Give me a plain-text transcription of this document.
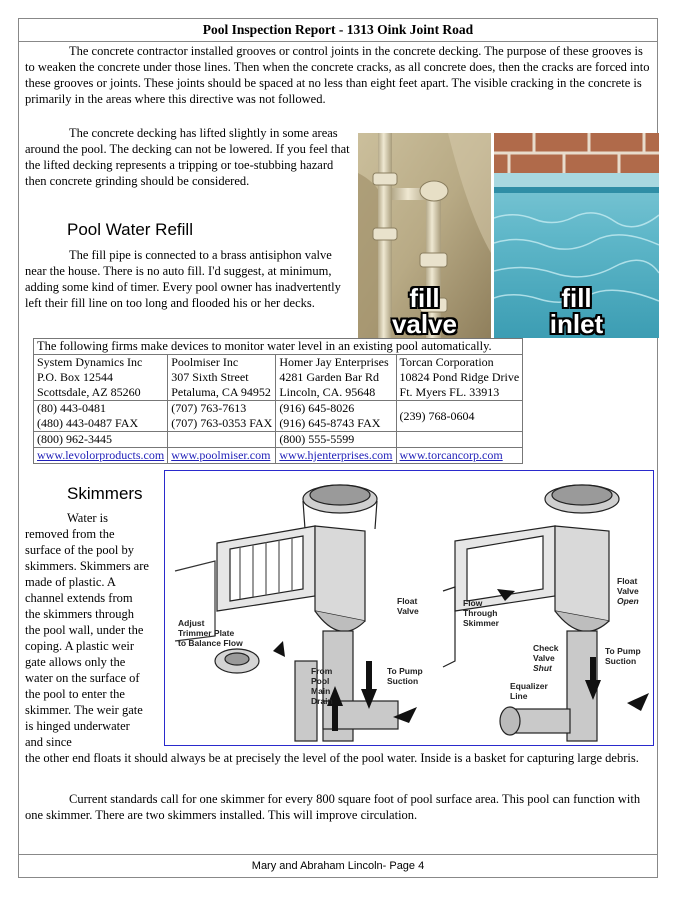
Pool Inspection Report - 1313 Oink Joint Road
The concrete contractor installed grooves or control joints in the concrete decking. The purpose of these grooves is to weaken the concrete under those lines. Then when the concrete cracks, as all concrete does, then the cracks are forced into these grooves or joints. These joints should be spaced at no less than eight feet apart. The visible cracking in the concrete is primarily in the areas where this directive was not followed.
The concrete decking has lifted slightly in some areas around the pool. The decking can not be lowered. If you feel that the lifted decking represents a tripping or toe-stubbing hazard then concrete grinding should be considered.
Pool Water Refill
The fill pipe is connected to a brass antisiphon valve near the house. There is no auto fill. I'd suggest, at minimum, adding some kind of timer. Every pool owner has inadvertently left their fill line on too long and flooded his or her decks.	fill
valve
fill
inlet
The following firms make devices to monitor water level in an existing pool automatically.			
System Dynamics Inc
P.O. Box 12544
Scottsdale, AZ 85260	Poolmiser Inc
307 Sixth Street
Petaluma, CA 94952	Homer Jay Enterprises
4281 Garden Bar Rd
Lincoln, CA. 95648	Torcan Corporation
10824 Pond Ridge Drive
Ft. Myers FL. 33913
(80) 443-0481
(480) 443-0487 FAX	(707) 763-7613
(707) 763-0353 FAX	(916) 645-8026
(916) 645-8743 FAX	(239) 768-0604
(800) 962-3445		(800) 555-5599	
www.levolorproducts.com	www.poolmiser.com	www.hjenterprises.com	www.torcancorp.com
Skimmers
Water is removed from the surface of the pool by skimmers. Skimmers are made of plastic. A channel extends from the skimmers through the pool wall, under the coping. A plastic weir gate allows only the water on the surface of the pool to enter the skimmer. The weir gate is hinged underwater and since
Adjust
Trimmer Plate
to Balance Flow
Float
Valve
From
Pool
Main
Drain
To Pump
Suction
Flow
Through
Skimmer
Float
Valve
Open
Check
Valve
Shut
To Pump
Suction
Equalizer
Line
the other end floats it should always be at precisely the level of the pool water. Inside is a basket for capturing large debris.
Current standards call for one skimmer for every 800 square foot of pool surface area. This pool can function with one skimmer. There are two skimmers installed. This will improve circulation.
Mary and Abraham Lincoln- Page 4
